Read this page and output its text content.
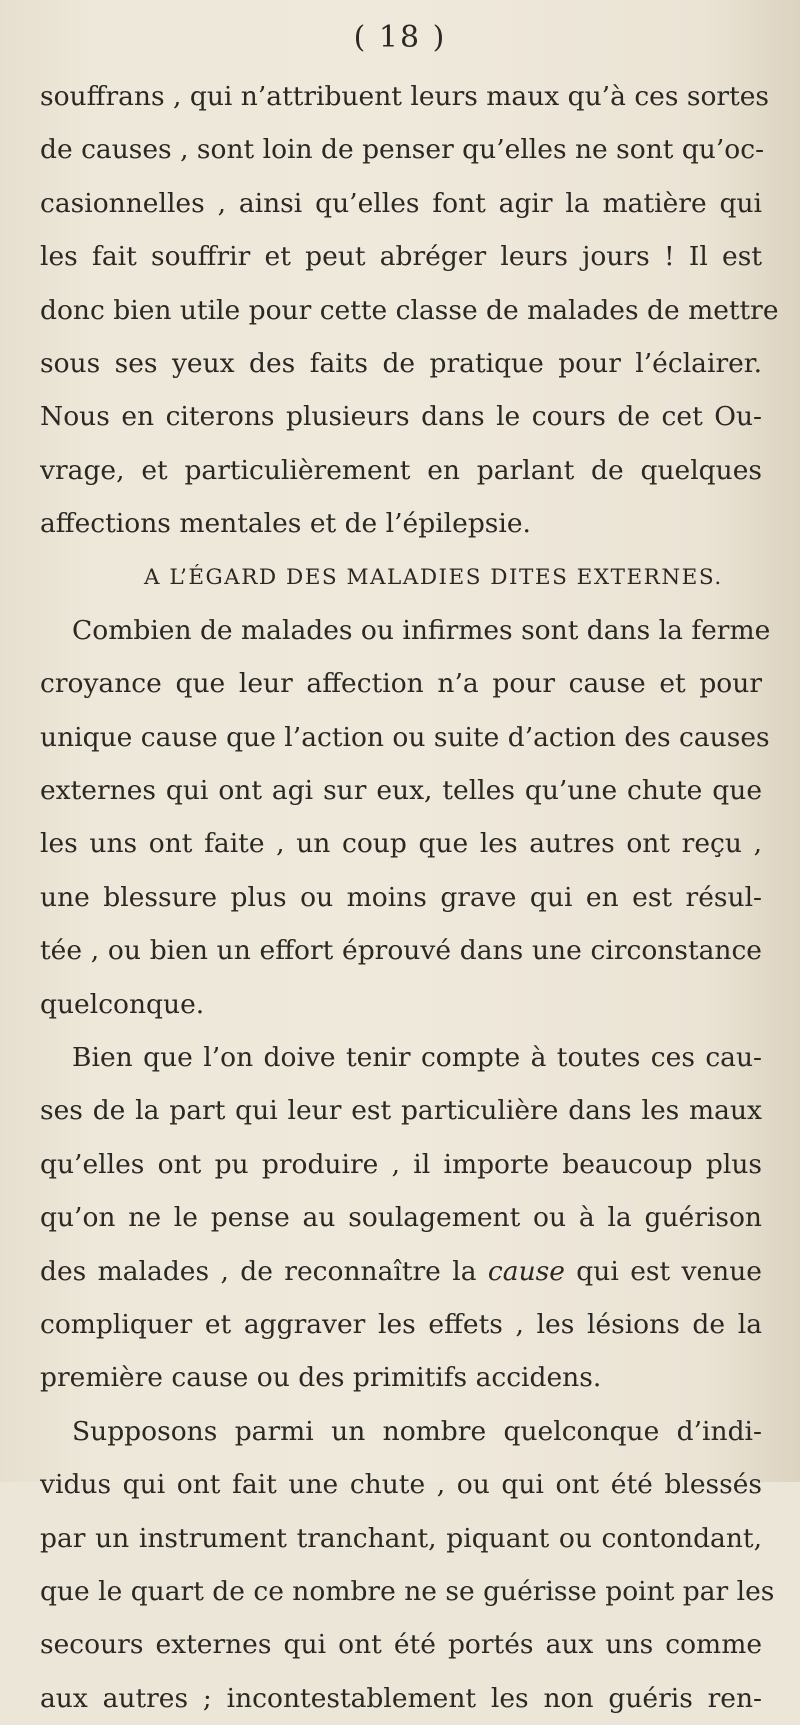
( 18 )
souffrans , qui n’attribuent leurs maux qu’à ces sortes
de causes , sont loin de penser qu’elles ne sont qu’oc-
casionnelles , ainsi qu’elles font agir la matière qui
les fait souffrir et peut abréger leurs jours ! Il est
donc bien utile pour cette classe de malades de mettre
sous ses yeux des faits de pratique pour l’éclairer.
Nous en citerons plusieurs dans le cours de cet Ou-
vrage, et particulièrement en parlant de quelques
affections mentales et de l’épilepsie.
A L’ÉGARD DES MALADIES DITES EXTERNES.
Combien de malades ou infirmes sont dans la ferme
croyance que leur affection n’a pour cause et pour
unique cause que l’action ou suite d’action des causes
externes qui ont agi sur eux, telles qu’une chute que
les uns ont faite , un coup que les autres ont reçu ,
une blessure plus ou moins grave qui en est résul-
tée , ou bien un effort éprouvé dans une circonstance
quelconque.
Bien que l’on doive tenir compte à toutes ces cau-
ses de la part qui leur est particulière dans les maux
qu’elles ont pu produire , il importe beaucoup plus
qu’on ne le pense au soulagement ou à la guérison
des malades , de reconnaître la cause qui est venue
compliquer et aggraver les effets , les lésions de la
première cause ou des primitifs accidens.
Supposons parmi un nombre quelconque d’indi-
vidus qui ont fait une chute , ou qui ont été blessés
par un instrument tranchant, piquant ou contondant,
que le quart de ce nombre ne se guérisse point par les
secours externes qui ont été portés aux uns comme
aux autres ; incontestablement les non guéris ren-
